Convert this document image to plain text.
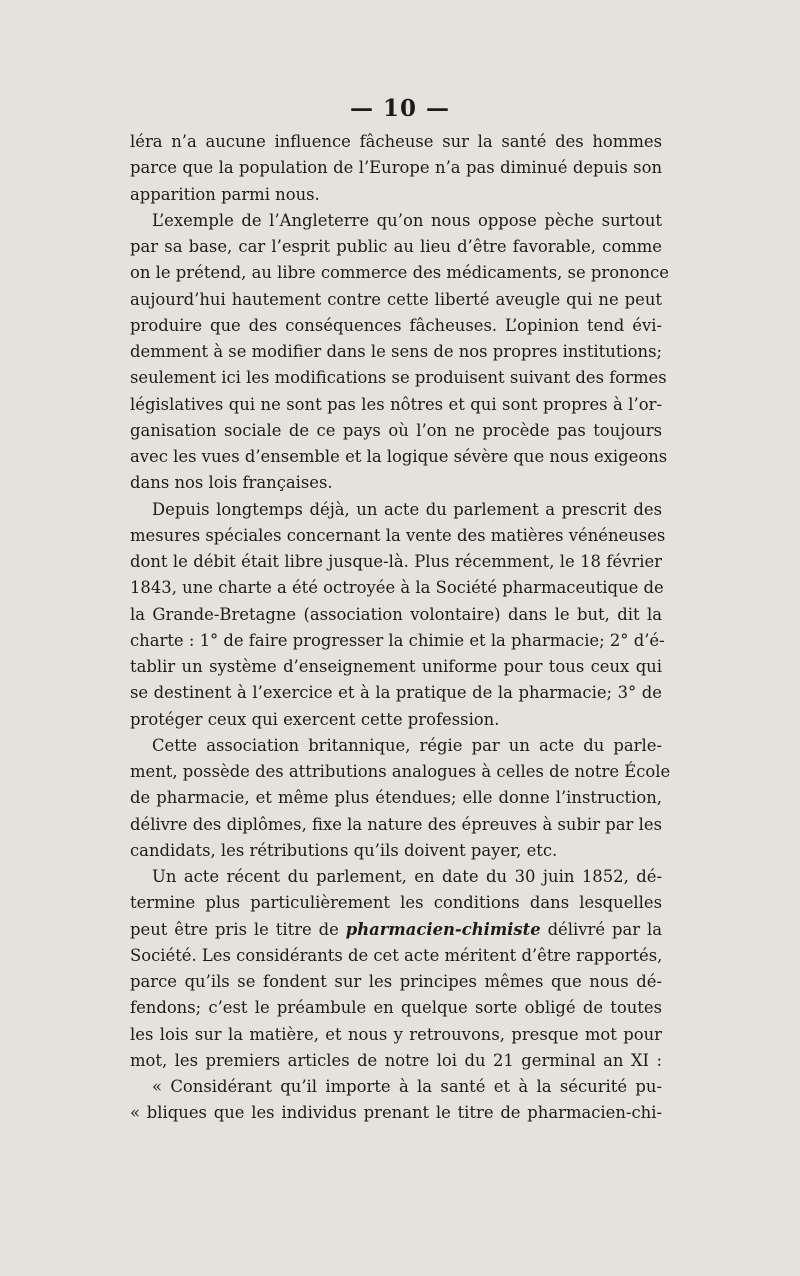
— 10 —
léra n’a aucune influence fâcheuse sur la santé des hommes
parce que la population de l’Europe n’a pas diminué depuis son
apparition parmi nous.
L’exemple de l’Angleterre qu’on nous oppose pèche surtout
par sa base, car l’esprit public au lieu d’être favorable, comme
on le prétend, au libre commerce des médicaments, se prononce
aujourd’hui hautement contre cette liberté aveugle qui ne peut
produire que des conséquences fâcheuses. L’opinion tend évi-
demment à se modifier dans le sens de nos propres institutions;
seulement ici les modifications se produisent suivant des formes
législatives qui ne sont pas les nôtres et qui sont propres à l’or-
ganisation sociale de ce pays où l’on ne procède pas toujours
avec les vues d’ensemble et la logique sévère que nous exigeons
dans nos lois françaises.
Depuis longtemps déjà, un acte du parlement a prescrit des
mesures spéciales concernant la vente des matières vénéneuses
dont le débit était libre jusque-là. Plus récemment, le 18 février
1843, une charte a été octroyée à la Société pharmaceutique de
la Grande-Bretagne (association volontaire) dans le but, dit la
charte : 1° de faire progresser la chimie et la pharmacie; 2° d’é-
tablir un système d’enseignement uniforme pour tous ceux qui
se destinent à l’exercice et à la pratique de la pharmacie; 3° de
protéger ceux qui exercent cette profession.
Cette association britannique, régie par un acte du parle-
ment, possède des attributions analogues à celles de notre École
de pharmacie, et même plus étendues; elle donne l’instruction,
délivre des diplômes, fixe la nature des épreuves à subir par les
candidats, les rétributions qu’ils doivent payer, etc.
Un acte récent du parlement, en date du 30 juin 1852, dé-
termine plus particulièrement les conditions dans lesquelles
peut être pris le titre de pharmacien-chimiste délivré par la
Société. Les considérants de cet acte méritent d’être rapportés,
parce qu’ils se fondent sur les principes mêmes que nous dé-
fendons; c’est le préambule en quelque sorte obligé de toutes
les lois sur la matière, et nous y retrouvons, presque mot pour
mot, les premiers articles de notre loi du 21 germinal an XI :
« Considérant qu’il importe à la santé et à la sécurité pu-
« bliques que les individus prenant le titre de pharmacien-chi-
